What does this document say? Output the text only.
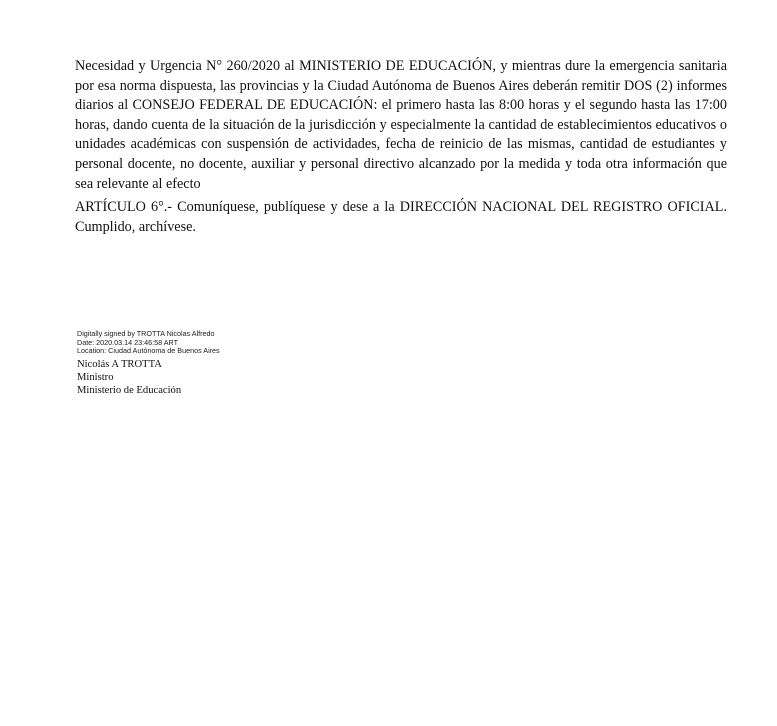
Necesidad y Urgencia N° 260/2020 al MINISTERIO DE EDUCACIÓN, y mientras dure la emergencia sanitaria por esa norma dispuesta, las provincias y la Ciudad Autónoma de Buenos Aires deberán remitir DOS (2) informes diarios al CONSEJO FEDERAL DE EDUCACIÓN: el primero hasta las 8:00 horas y el segundo hasta las 17:00 horas, dando cuenta de la situación de la jurisdicción y especialmente la cantidad de establecimientos educativos o unidades académicas con suspensión de actividades, fecha de reinicio de las mismas, cantidad de estudiantes y personal docente, no docente, auxiliar y personal directivo alcanzado por la medida y toda otra información que sea relevante al efecto

ARTÍCULO 6°.- Comuníquese, publíquese y dese a la DIRECCIÓN NACIONAL DEL REGISTRO OFICIAL. Cumplido, archívese.

Digitally signed by TROTTA Nicolas Alfredo
Date: 2020.03.14 23:46:58 ART
Location: Ciudad Autónoma de Buenos Aires
Nicolás A TROTTA
Ministro
Ministerio de Educación
